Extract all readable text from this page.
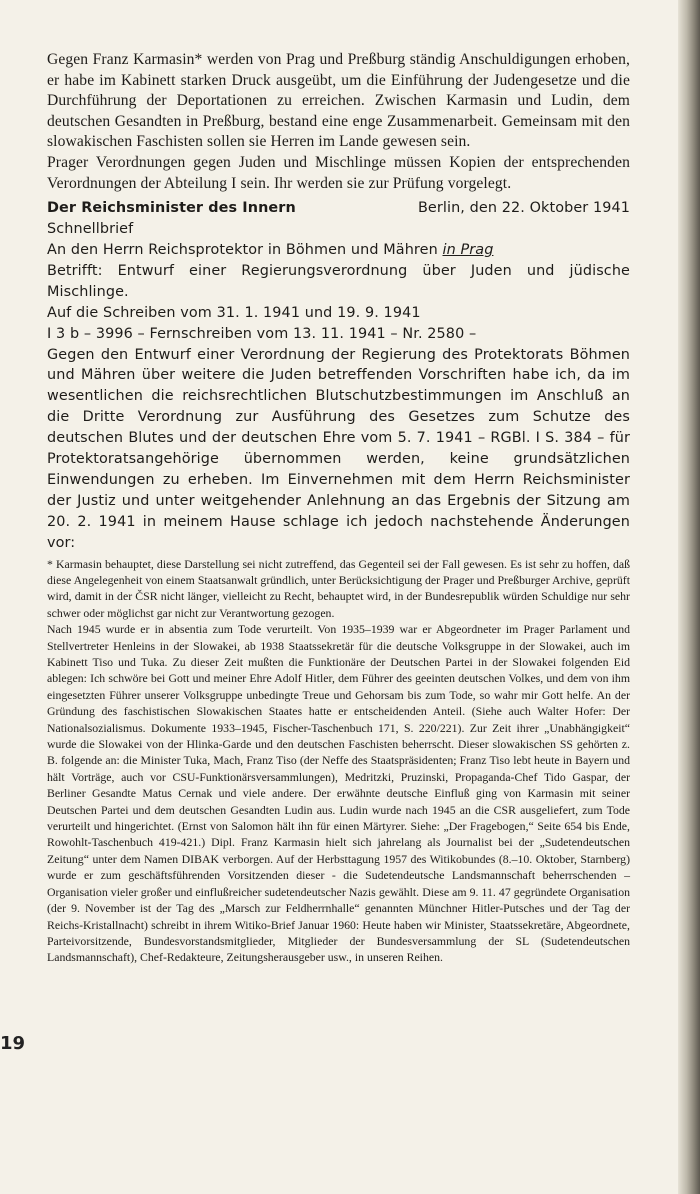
19

Gegen Franz Karmasin* werden von Prag und Preßburg ständig Anschuldigungen erhoben, er habe im Kabinett starken Druck ausgeübt, um die Einführung der Judengesetze und die Durchführung der Deportationen zu erreichen. Zwischen Karmasin und Ludin, dem deutschen Gesandten in Preßburg, bestand eine enge Zusammenarbeit. Gemeinsam mit den slowakischen Faschisten sollen sie Herren im Lande gewesen sein.

Prager Verordnungen gegen Juden und Mischlinge müssen Kopien der entsprechenden Verordnungen der Abteilung I sein. Ihr werden sie zur Prüfung vorgelegt.

Der Reichsminister des Innern	Berlin, den 22. Oktober 1941

Schnellbrief

An den Herrn Reichsprotektor in Böhmen und Mähren in Prag

Betrifft: Entwurf einer Regierungsverordnung über Juden und jüdische Mischlinge.

Auf die Schreiben vom 31. 1. 1941 und 19. 9. 1941

I 3 b – 3996 – Fernschreiben vom 13. 11. 1941 – Nr. 2580 –

Gegen den Entwurf einer Verordnung der Regierung des Protektorats Böhmen und Mähren über weitere die Juden betreffenden Vorschriften habe ich, da im wesentlichen die reichsrechtlichen Blutschutzbestimmungen im Anschluß an die Dritte Verordnung zur Ausführung des Gesetzes zum Schutze des deutschen Blutes und der deutschen Ehre vom 5. 7. 1941 – RGBl. I S. 384 – für Protektoratsangehörige übernommen werden, keine grundsätzlichen Einwendungen zu erheben. Im Einvernehmen mit dem Herrn Reichsminister der Justiz und unter weitgehender Anlehnung an das Ergebnis der Sitzung am 20. 2. 1941 in meinem Hause schlage ich jedoch nachstehende Änderungen vor:

* Karmasin behauptet, diese Darstellung sei nicht zutreffend, das Gegenteil sei der Fall gewesen. Es ist sehr zu hoffen, daß diese Angelegenheit von einem Staatsanwalt gründlich, unter Berücksichtigung der Prager und Preßburger Archive, geprüft wird, damit in der ČSR nicht länger, vielleicht zu Recht, behauptet wird, in der Bundesrepublik würden Schuldige nur sehr schwer oder möglichst gar nicht zur Verantwortung gezogen.

Nach 1945 wurde er in absentia zum Tode verurteilt. Von 1935–1939 war er Abgeordneter im Prager Parlament und Stellvertreter Henleins in der Slowakei, ab 1938 Staatssekretär für die deutsche Volksgruppe in der Slowakei, auch im Kabinett Tiso und Tuka. Zu dieser Zeit mußten die Funktionäre der Deutschen Partei in der Slowakei folgenden Eid ablegen: Ich schwöre bei Gott und meiner Ehre Adolf Hitler, dem Führer des geeinten deutschen Volkes, und dem von ihm eingesetzten Führer unserer Volksgruppe unbedingte Treue und Gehorsam bis zum Tode, so wahr mir Gott helfe. An der Gründung des faschistischen Slowakischen Staates hatte er entscheidenden Anteil. (Siehe auch Walter Hofer: Der Nationalsozialismus. Dokumente 1933–1945, Fischer-Taschenbuch 171, S. 220/221). Zur Zeit ihrer „Unabhängigkeit“ wurde die Slowakei von der Hlinka-Garde und den deutschen Faschisten beherrscht. Dieser slowakischen SS gehörten z. B. folgende an: die Minister Tuka, Mach, Franz Tiso (der Neffe des Staatspräsidenten; Franz Tiso lebt heute in Bayern und hält Vorträge, auch vor CSU-Funktionärsversammlungen), Medritzki, Pruzinski, Propaganda-Chef Tido Gaspar, der Berliner Gesandte Matus Cernak und viele andere. Der erwähnte deutsche Einfluß ging von Karmasin mit seiner Deutschen Partei und dem deutschen Gesandten Ludin aus. Ludin wurde nach 1945 an die CSR ausgeliefert, zum Tode verurteilt und hingerichtet. (Ernst von Salomon hält ihn für einen Märtyrer. Siehe: „Der Fragebogen,“ Seite 654 bis Ende, Rowohlt-Taschenbuch 419-421.) Dipl. Franz Karmasin hielt sich jahrelang als Journalist bei der „Sudetendeutschen Zeitung“ unter dem Namen DIBAK verborgen. Auf der Herbsttagung 1957 des Witikobundes (8.–10. Oktober, Starnberg) wurde er zum geschäftsführenden Vorsitzenden dieser - die Sudetendeutsche Landsmannschaft beherrschenden – Organisation vieler großer und einflußreicher sudetendeutscher Nazis gewählt. Diese am 9. 11. 47 gegründete Organisation (der 9. November ist der Tag des „Marsch zur Feldherrnhalle“ genannten Münchner Hitler-Putsches und der Tag der Reichs-Kristallnacht) schreibt in ihrem Witiko-Brief Januar 1960: Heute haben wir Minister, Staatssekretäre, Abgeordnete, Parteivorsitzende, Bundesvorstandsmitglieder, Mitglieder der Bundesversammlung der SL (Sudetendeutschen Landsmannschaft), Chef-Redakteure, Zeitungsherausgeber usw., in unseren Reihen.
